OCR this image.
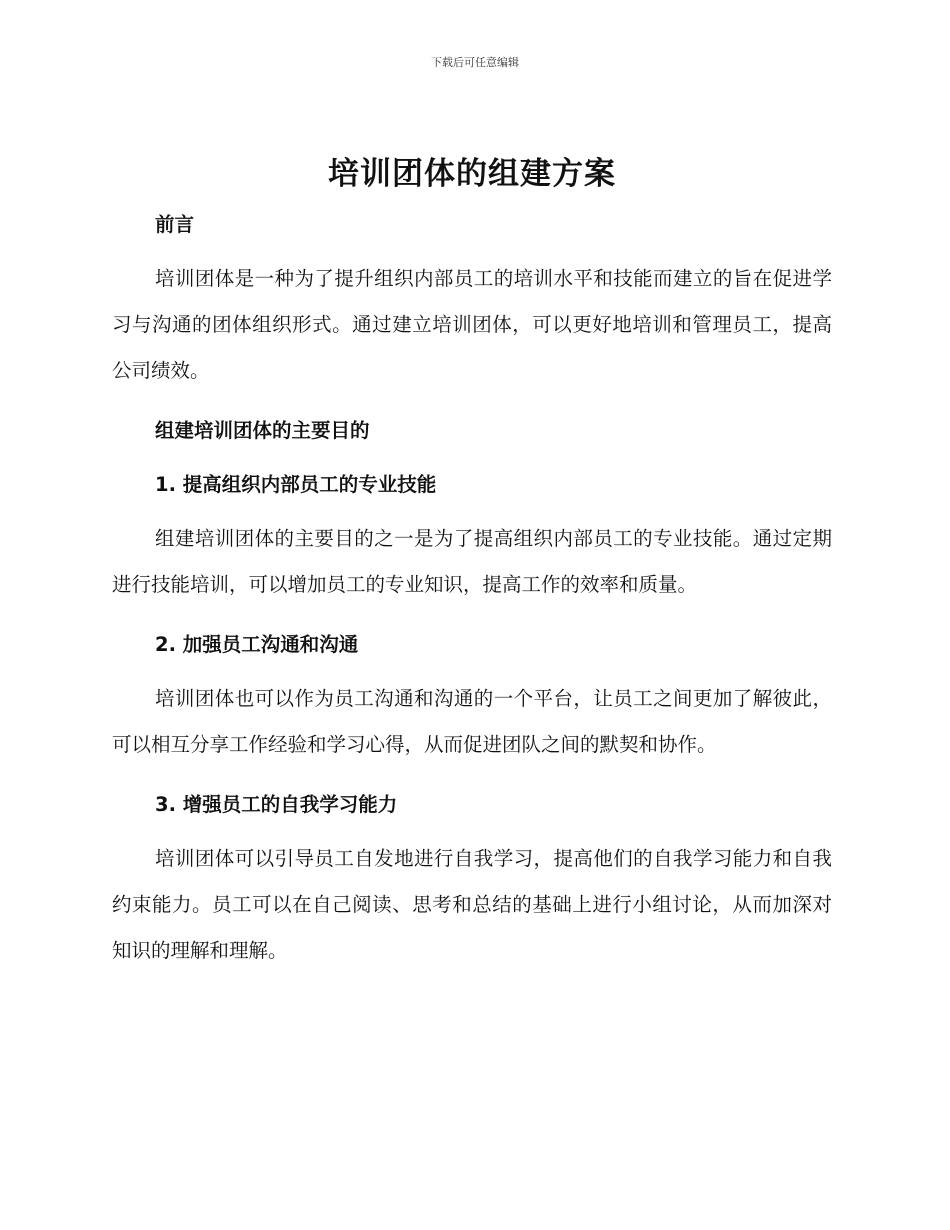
下载后可任意编辑
培训团体的组建方案

前言

培训团体是一种为了提升组织内部员工的培训水平和技能而建立的旨在促进学习与沟通的团体组织形式。通过建立培训团体，可以更好地培训和管理员工，提高公司绩效。

组建培训团体的主要目的

1. 提高组织内部员工的专业技能

组建培训团体的主要目的之一是为了提高组织内部员工的专业技能。通过定期进行技能培训，可以增加员工的专业知识，提高工作的效率和质量。

2. 加强员工沟通和沟通

培训团体也可以作为员工沟通和沟通的一个平台，让员工之间更加了解彼此，可以相互分享工作经验和学习心得，从而促进团队之间的默契和协作。

3. 增强员工的自我学习能力

培训团体可以引导员工自发地进行自我学习，提高他们的自我学习能力和自我约束能力。员工可以在自己阅读、思考和总结的基础上进行小组讨论，从而加深对知识的理解和理解。
